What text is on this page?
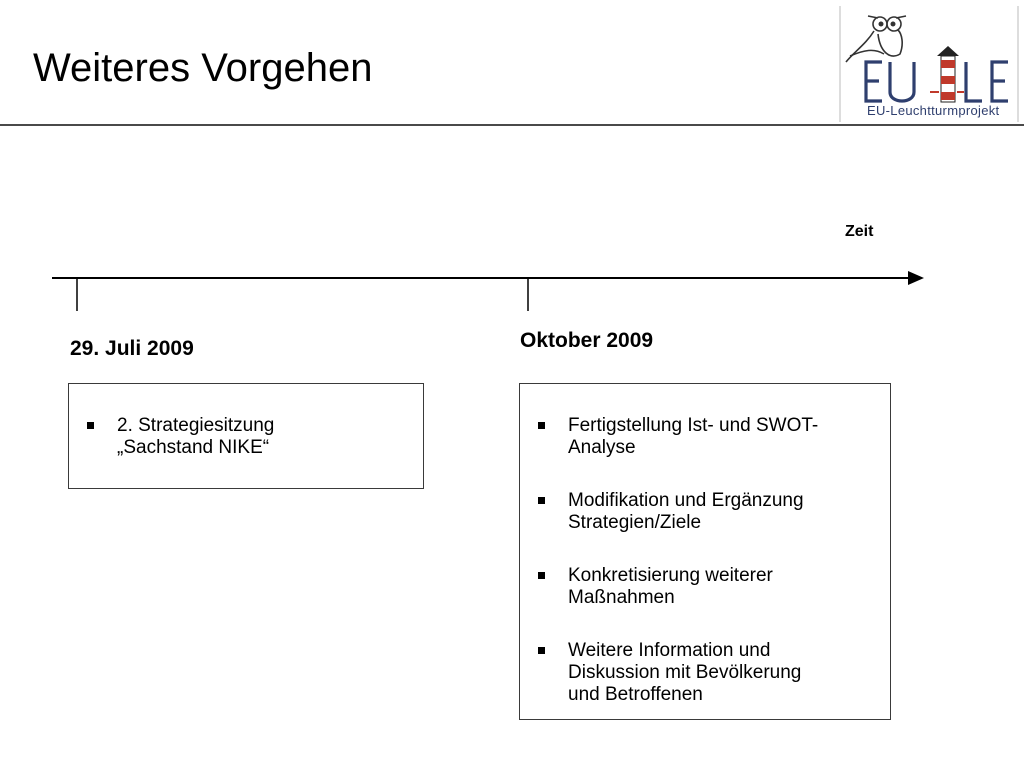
Weiteres Vorgehen
EU-Leuchtturmprojekt
Zeit
29. Juli 2009	Oktober 2009
2. Strategiesitzung
„Sachstand NIKE“
Fertigstellung Ist- und SWOT-
Analyse
Modifikation und Ergänzung
Strategien/Ziele
Konkretisierung weiterer
Maßnahmen
Weitere Information und
Diskussion mit Bevölkerung
und Betroffenen
